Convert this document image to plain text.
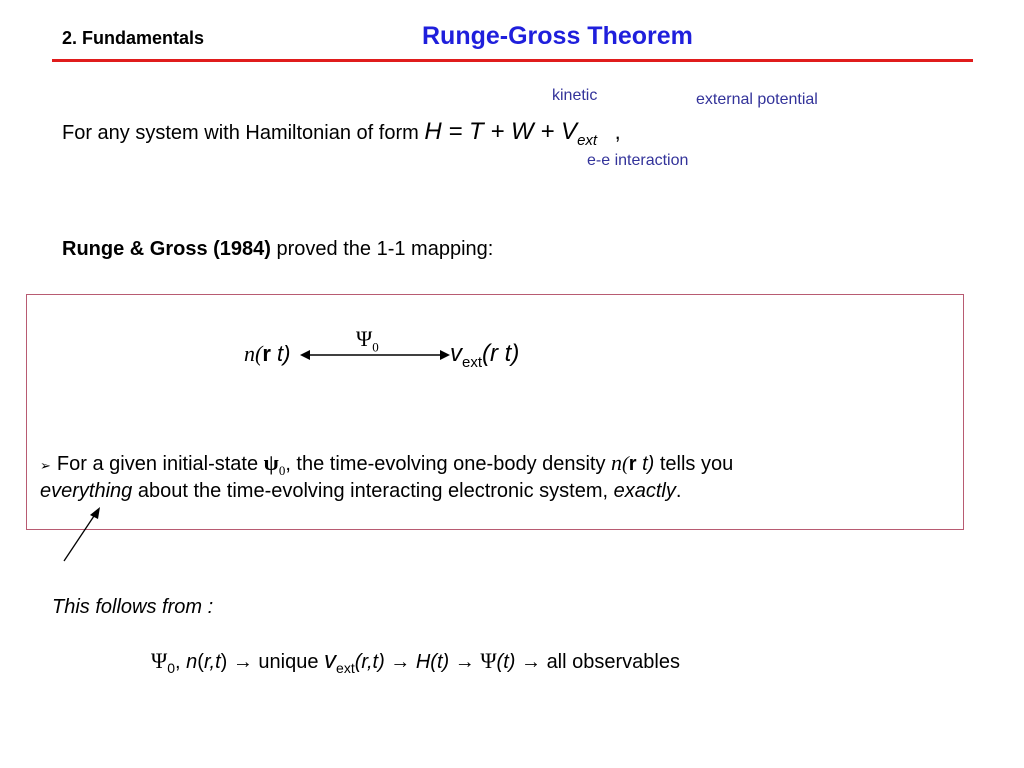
2. Fundamentals	Runge-Gross Theorem
kinetic	external potential
e-e interaction
For any system with Hamiltonian of form $H = T + W + V_{ext}$ ,
Runge & Gross (1984) proved the 1-1 mapping:
n(r t)
$\Psi_0$	$v_{ext}(r$ t)
➢ For a given initial-state $\psi_0$, the time-evolving one-body density n(r t) tells you
everything about the time-evolving interacting electronic system, exactly.
This follows from :
$\Psi_0$, n(r,t) → unique $v_{ext}(r,t) \to H(t) \to \Psi(t)$ → all observables
